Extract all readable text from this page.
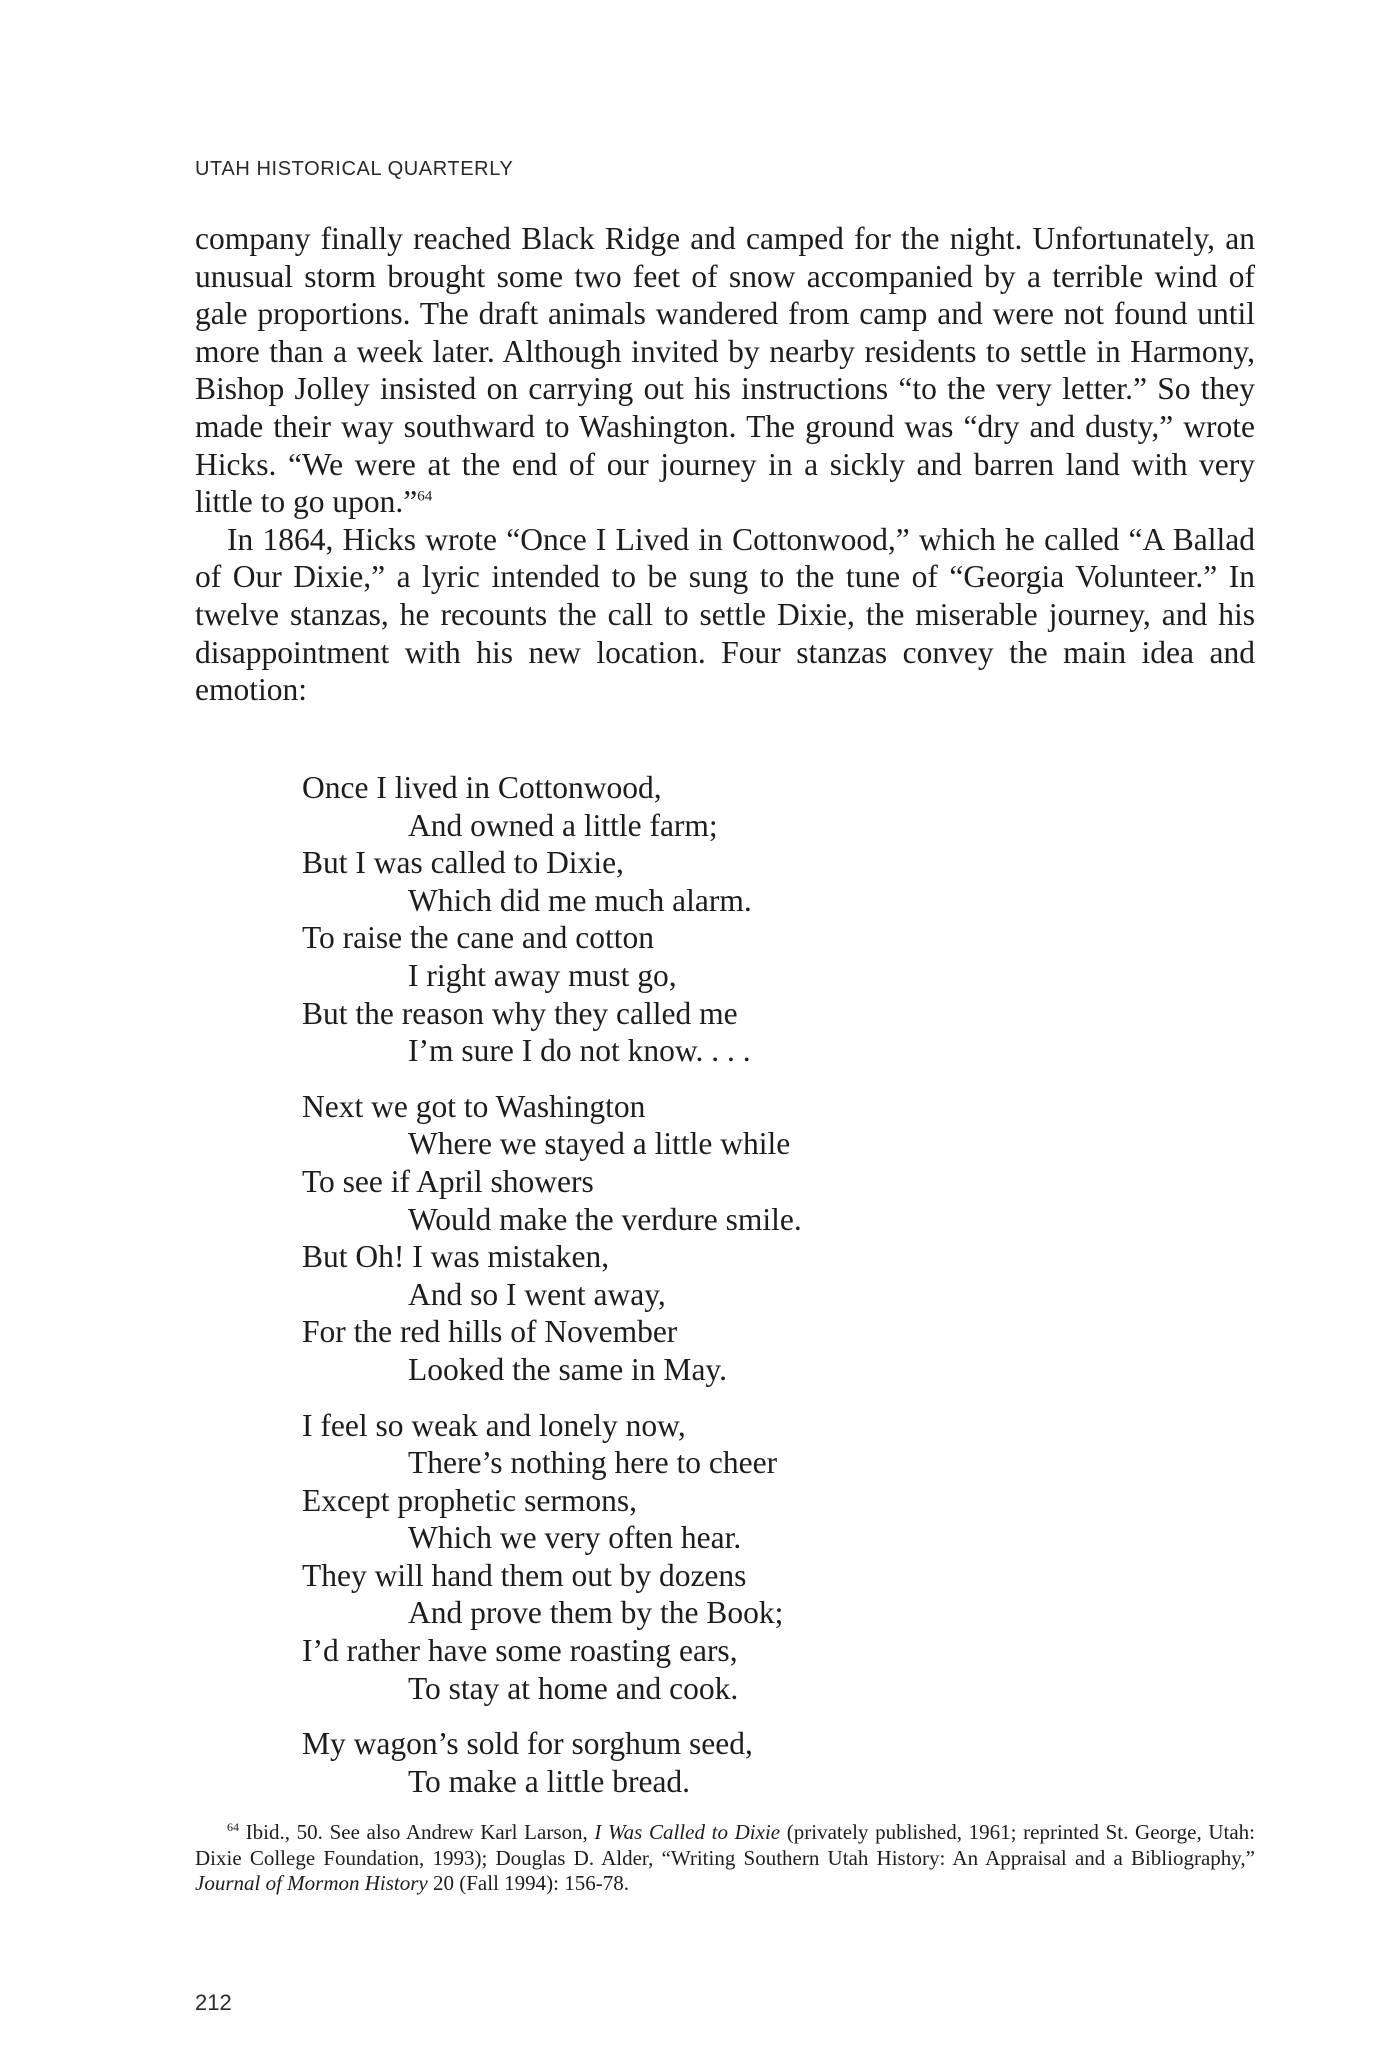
UTAH HISTORICAL QUARTERLY

company finally reached Black Ridge and camped for the night. Unfortunately, an unusual storm brought some two feet of snow accompanied by a terrible wind of gale proportions. The draft animals wandered from camp and were not found until more than a week later. Although invited by nearby residents to settle in Harmony, Bishop Jolley insisted on carrying out his instructions “to the very letter.” So they made their way southward to Washington. The ground was “dry and dusty,” wrote Hicks. “We were at the end of our journey in a sickly and barren land with very little to go upon.”$^{64}$

In 1864, Hicks wrote “Once I Lived in Cottonwood,” which he called “A Ballad of Our Dixie,” a lyric intended to be sung to the tune of “Georgia Volunteer.” In twelve stanzas, he recounts the call to settle Dixie, the miserable journey, and his disappointment with his new location. Four stanzas convey the main idea and emotion:

Once I lived in Cottonwood,
And owned a little farm;
But I was called to Dixie,
Which did me much alarm.
To raise the cane and cotton
I right away must go,
But the reason why they called me
I’m sure I do not know. . . .
Next we got to Washington
Where we stayed a little while
To see if April showers
Would make the verdure smile.
But Oh! I was mistaken,
And so I went away,
For the red hills of November
Looked the same in May.
I feel so weak and lonely now,
There’s nothing here to cheer
Except prophetic sermons,
Which we very often hear.
They will hand them out by dozens
And prove them by the Book;
I’d rather have some roasting ears,
To stay at home and cook.
My wagon’s sold for sorghum seed,
To make a little bread.

$^{64}$ Ibid., 50. See also Andrew Karl Larson, I Was Called to Dixie (privately published, 1961; reprinted St. George, Utah: Dixie College Foundation, 1993); Douglas D. Alder, “Writing Southern Utah History: An Appraisal and a Bibliography,” Journal of Mormon History 20 (Fall 1994): 156-78.

212
